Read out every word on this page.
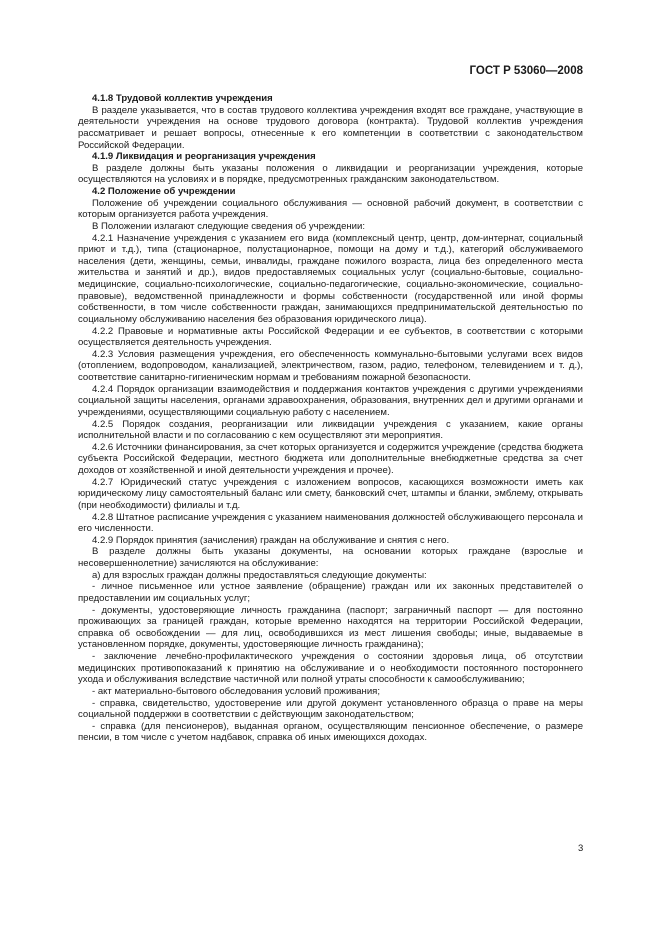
ГОСТ Р 53060—2008
4.1.8 Трудовой коллектив учреждения

В разделе указывается, что в состав трудового коллектива учреждения входят все граждане, участвующие в деятельности учреждения на основе трудового договора (контракта). Трудовой коллектив учреждения рассматривает и решает вопросы, отнесенные к его компетенции в соответствии с законодательством Российской Федерации.

4.1.9 Ликвидация и реорганизация учреждения

В разделе должны быть указаны положения о ликвидации и реорганизации учреждения, которые осуществляются на условиях и в порядке, предусмотренных гражданским законодательством.

4.2 Положение об учреждении

Положение об учреждении социального обслуживания — основной рабочий документ, в соответствии с которым организуется работа учреждения.

В Положении излагают следующие сведения об учреждении:

4.2.1 Назначение учреждения с указанием его вида (комплексный центр, центр, дом-интернат, социальный приют и т.д.), типа (стационарное, полустационарное, помощи на дому и т.д.), категорий обслуживаемого населения (дети, женщины, семьи, инвалиды, граждане пожилого возраста, лица без определенного места жительства и занятий и др.), видов предоставляемых социальных услуг (социально-бытовые, социально-медицинские, социально-психологические, социально-педагогические, социально-экономические, социально-правовые), ведомственной принадлежности и формы собственности (государственной или иной формы собственности, в том числе собственности граждан, занимающихся предпринимательской деятельностью по социальному обслуживанию населения без образования юридического лица).

4.2.2 Правовые и нормативные акты Российской Федерации и ее субъектов, в соответствии с которыми осуществляется деятельность учреждения.

4.2.3 Условия размещения учреждения, его обеспеченность коммунально-бытовыми услугами всех видов (отоплением, водопроводом, канализацией, электричеством, газом, радио, телефоном, телевидением и т. д.), соответствие санитарно-гигиеническим нормам и требованиям пожарной безопасности.

4.2.4 Порядок организации взаимодействия и поддержания контактов учреждения с другими учреждениями социальной защиты населения, органами здравоохранения, образования, внутренних дел и другими органами и учреждениями, осуществляющими социальную работу с населением.

4.2.5 Порядок создания, реорганизации или ликвидации учреждения с указанием, какие органы исполнительной власти и по согласованию с кем осуществляют эти мероприятия.

4.2.6 Источники финансирования, за счет которых организуется и содержится учреждение (средства бюджета субъекта Российской Федерации, местного бюджета или дополнительные внебюджетные средства за счет доходов от хозяйственной и иной деятельности учреждения и прочее).

4.2.7 Юридический статус учреждения с изложением вопросов, касающихся возможности иметь как юридическому лицу самостоятельный баланс или смету, банковский счет, штампы и бланки, эмблему, открывать (при необходимости) филиалы и т.д.

4.2.8 Штатное расписание учреждения с указанием наименования должностей обслуживающего персонала и его численности.

4.2.9 Порядок принятия (зачисления) граждан на обслуживание и снятия с него.

В разделе должны быть указаны документы, на основании которых граждане (взрослые и несовершеннолетние) зачисляются на обслуживание:

а) для взрослых граждан должны предоставляться следующие документы:

- личное письменное или устное заявление (обращение) граждан или их законных представителей о предоставлении им социальных услуг;

- документы, удостоверяющие личность гражданина (паспорт; заграничный паспорт — для постоянно проживающих за границей граждан, которые временно находятся на территории Российской Федерации, справка об освобождении — для лиц, освободившихся из мест лишения свободы; иные, выдаваемые в установленном порядке, документы, удостоверяющие личность гражданина);

- заключение лечебно-профилактического учреждения о состоянии здоровья лица, об отсутствии медицинских противопоказаний к принятию на обслуживание и о необходимости постоянного постороннего ухода и обслуживания вследствие частичной или полной утраты способности к самообслуживанию;

- акт материально-бытового обследования условий проживания;

- справка, свидетельство, удостоверение или другой документ установленного образца о праве на меры социальной поддержки в соответствии с действующим законодательством;

- справка (для пенсионеров), выданная органом, осуществляющим пенсионное обеспечение, о размере пенсии, в том числе с учетом надбавок, справка об иных имеющихся доходах.

3
